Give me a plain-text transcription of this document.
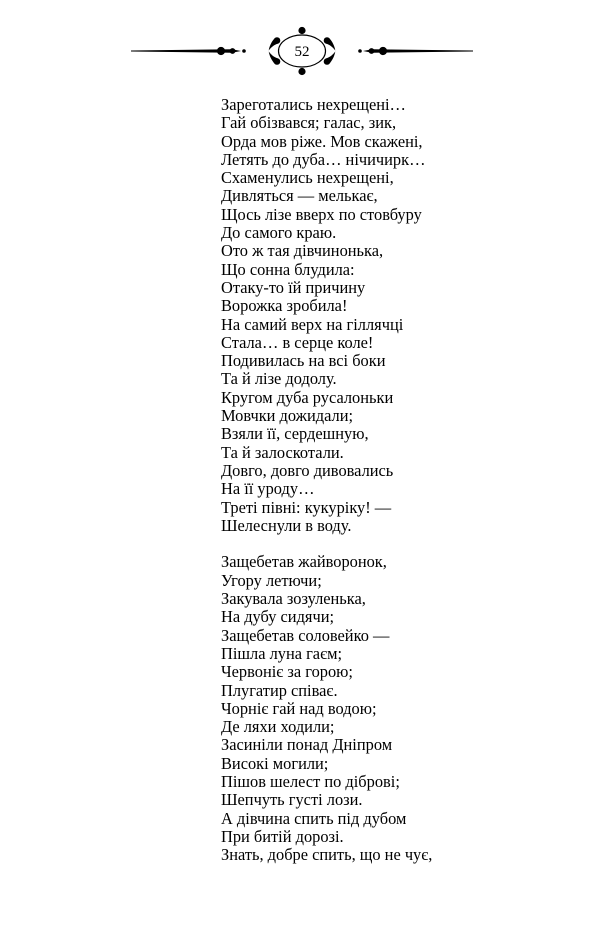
52
Зареготались нехрещені…
Гай обізвався; галас, зик,
Орда мов ріже. Мов скажені,
Летять до дуба… нічичирк…
Схаменулись нехрещені,
Дивляться — мелькає,
Щось лізе вверх по стовбуру
До самого краю.
Ото ж тая дівчинонька,
Що сонна блудила:
Отаку-то їй причину
Ворожка зробила!
На самий верх на гіллячці
Стала… в серце коле!
Подивилась на всі боки
Та й лізе додолу.
Кругом дуба русалоньки
Мовчки дожидали;
Взяли її, сердешную,
Та й залоскотали.
Довго, довго дивовались
На її уроду…
Треті півні: кукуріку! —
Шелеснули в воду.
Защебетав жайворонок,
Угору летючи;
Закувала зозуленька,
На дубу сидячи;
Защебетав соловейко —
Пішла луна гаєм;
Червоніє за горою;
Плугатир співає.
Чорніє гай над водою;
Де ляхи ходили;
Засиніли понад Дніпром
Високі могили;
Пішов шелест по діброві;
Шепчуть густі лози.
А дівчина спить під дубом
При битій дорозі.
Знать, добре спить, що не чує,
